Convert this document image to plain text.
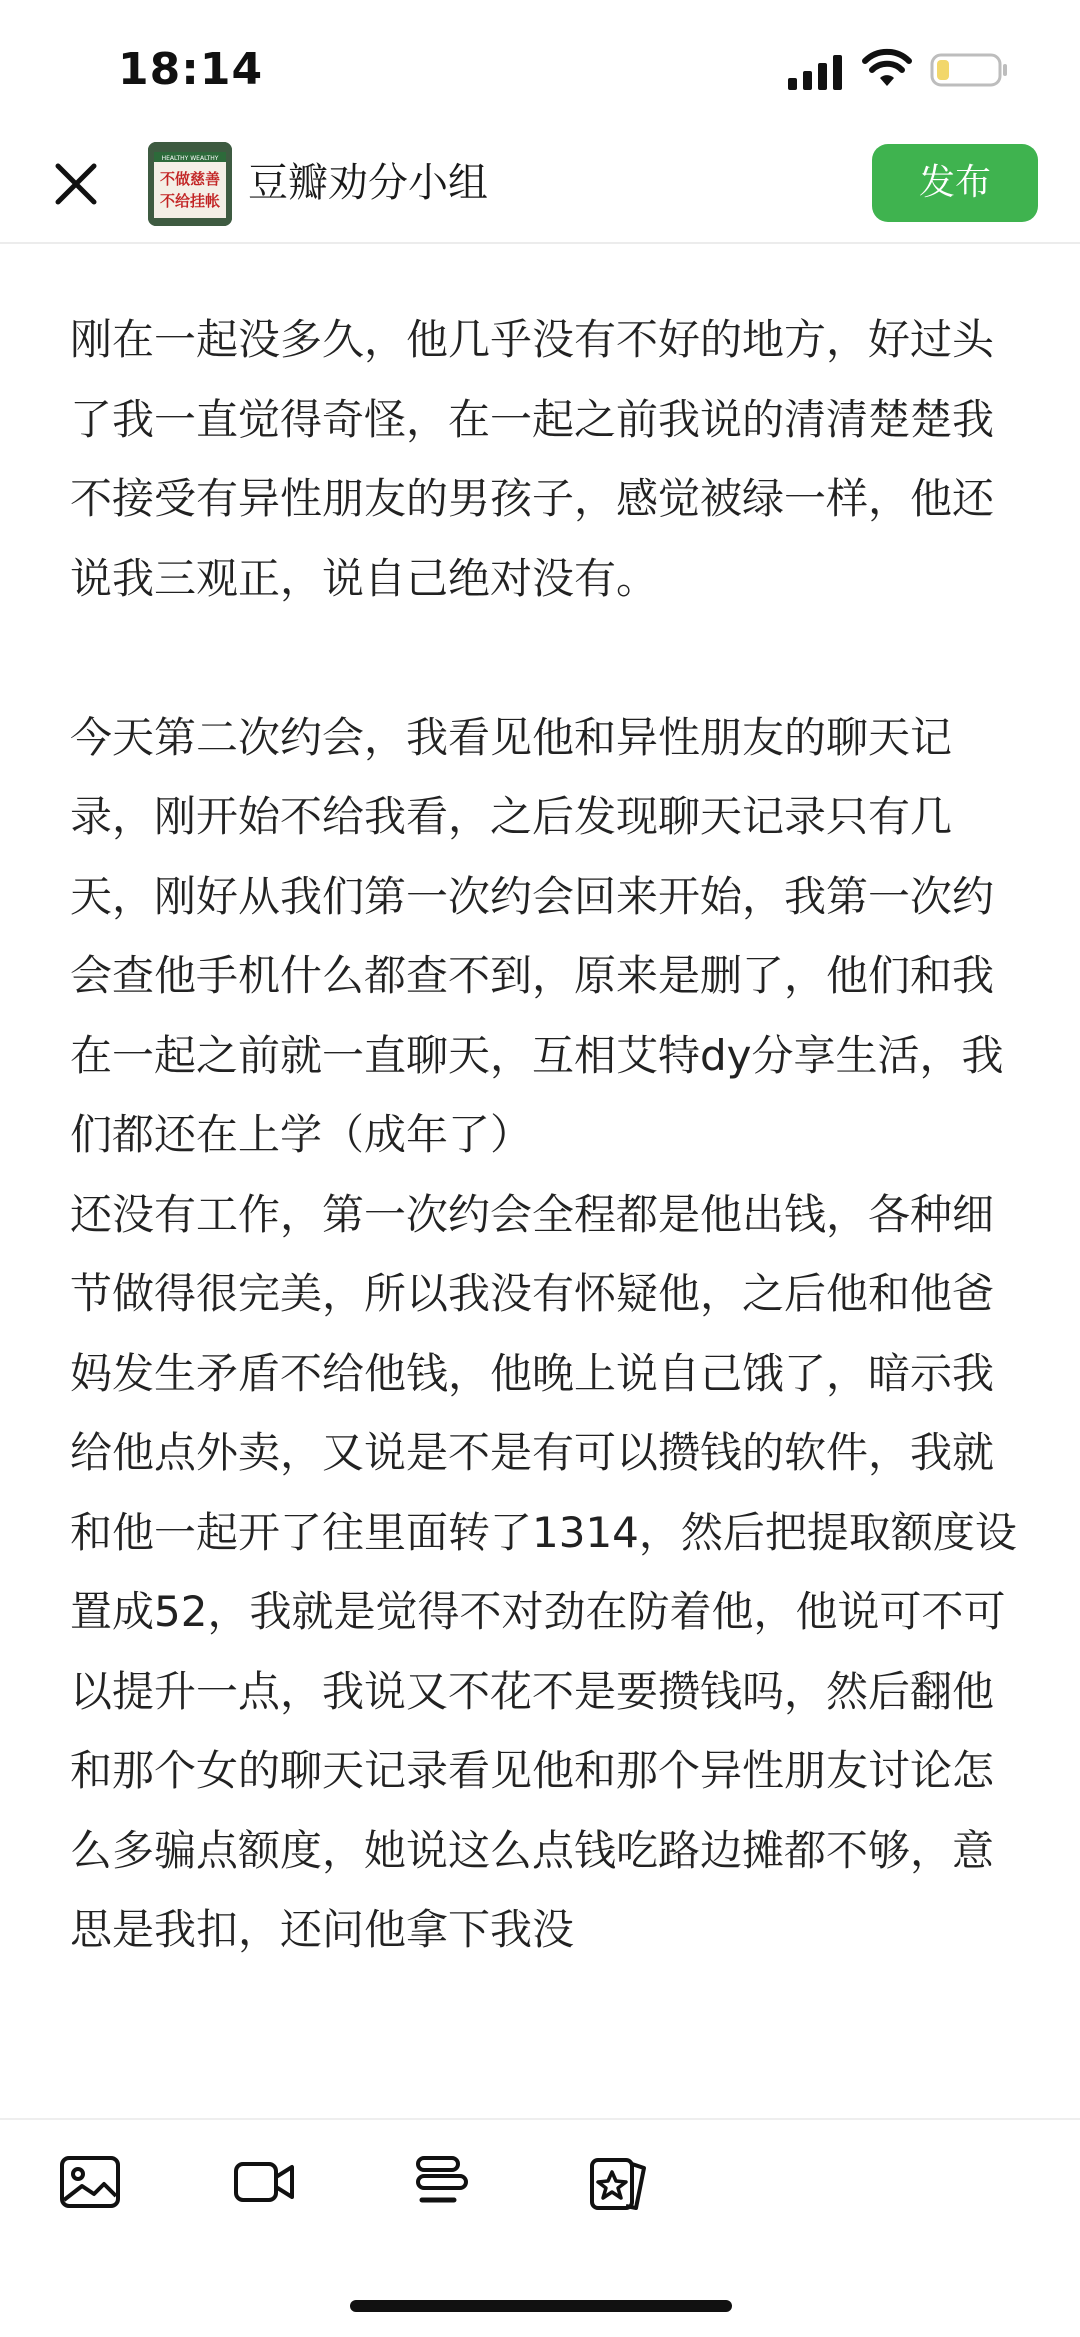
18:14
HEALTHY WEALTHY
不做慈善
不给挂帐 豆瓣劝分小组	发布

刚在一起没多久，他几乎没有不好的地方，好过头了我一直觉得奇怪，在一起之前我说的清清楚楚我不接受有异性朋友的男孩子，感觉被绿一样，他还说我三观正，说自己绝对没有。

今天第二次约会，我看见他和异性朋友的聊天记录，刚开始不给我看，之后发现聊天记录只有几天，刚好从我们第一次约会回来开始，我第一次约会查他手机什么都查不到，原来是删了，他们和我在一起之前就一直聊天，互相艾特dy分享生活，我们都还在上学（成年了）

还没有工作，第一次约会全程都是他出钱，各种细节做得很完美，所以我没有怀疑他，之后他和他爸妈发生矛盾不给他钱，他晚上说自己饿了，暗示我给他点外卖，又说是不是有可以攒钱的软件，我就和他一起开了往里面转了1314，然后把提取额度设置成52，我就是觉得不对劲在防着他，他说可不可以提升一点，我说又不花不是要攒钱吗，然后翻他和那个女的聊天记录看见他和那个异性朋友讨论怎么多骗点额度，她说这么点钱吃路边摊都不够，意思是我扣，还问他拿下我没
